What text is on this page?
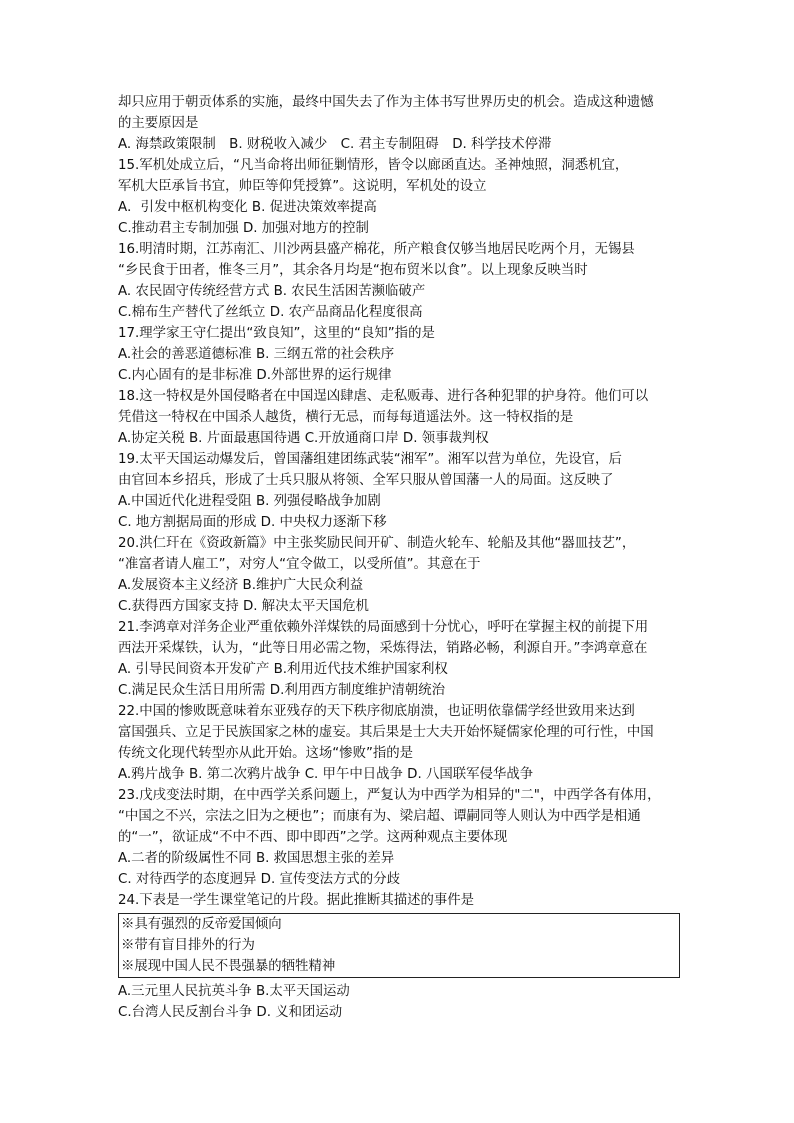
却只应用于朝贡体系的实施，最终中国失去了作为主体书写世界历史的机会。造成这种遗憾
的主要原因是
A. 海禁政策限制　B. 财税收入减少　C. 君主专制阻碍　D. 科学技术停滞
15.军机处成立后，“凡当命将出师征剿情形，皆令以廊函直达。圣神烛照，洞悉机宜，
军机大臣承旨书宜，帅臣等仰凭授算”。这说明，军机处的设立
A．引发中枢机构变化 B. 促进决策效率提高
C.推动君主专制加强 D. 加强对地方的控制
16.明清时期，江苏南汇、川沙两县盛产棉花，所产粮食仅够当地居民吃两个月，无锡县
“乡民食于田者，惟冬三月”，其余各月均是“抱布贸米以食”。以上现象反映当时
A. 农民固守传统经营方式 B. 农民生活困苦濒临破产
C.棉布生产替代了丝纸立 D. 农产品商品化程度很高
17.理学家王守仁提出“致良知”，这里的“良知”指的是
A.社会的善恶道德标准 B. 三纲五常的社会秩序
C.内心固有的是非标准 D.外部世界的运行规律
18.这一特权是外国侵略者在中国逞凶肆虐、走私贩毒、进行各种犯罪的护身符。他们可以
凭借这一特权在中国杀人越货，横行无忌，而每每逍遥法外。这一特权指的是
A.协定关税 B. 片面最惠国待遇 C.开放通商口岸 D. 领事裁判权
19.太平天国运动爆发后，曾国藩组建团练武装“湘军”。湘军以营为单位，先设官，后
由官回本乡招兵，形成了士兵只服从将领、全军只服从曾国藩一人的局面。这反映了
A.中国近代化进程受阻 B. 列强侵略战争加剧
C. 地方割据局面的形成 D. 中央权力逐渐下移
20.洪仁玕在《资政新篇》中主张奖励民间开矿、制造火轮车、轮船及其他“器皿技艺”，
“准富者请人雇工”，对穷人“宜令做工，以受所值”。其意在于
A.发展资本主义经济 B.维护广大民众利益
C.获得西方国家支持 D. 解决太平天国危机
21.李鸿章对洋务企业严重依赖外洋煤铁的局面感到十分忧心，呼吁在掌握主权的前提下用
西法开采煤铁，认为，“此等日用必需之物，采炼得法，销路必畅，利源自开。”李鸿章意在
A. 引导民间资本开发矿产 B.利用近代技术维护国家利权
C.满足民众生活日用所需 D.利用西方制度维护清朝统治
22.中国的惨败既意味着东亚残存的天下秩序彻底崩溃，也证明依靠儒学经世致用来达到
富国强兵、立足于民族国家之林的虚妄。其后果是士大夫开始怀疑儒家伦理的可行性，中国
传统文化现代转型亦从此开始。这场“惨败”指的是
A.鸦片战争 B. 第二次鸦片战争 C. 甲午中日战争 D. 八国联军侵华战争
23.戊戌变法时期，在中西学关系问题上，严复认为中西学为相异的"二"，中西学各有体用，
“中国之不兴，宗法之旧为之梗也”；而康有为、梁启超、谭嗣同等人则认为中西学是相通
的“一”，欲证成“不中不西、即中即西”之学。这两种观点主要体现
A.二者的阶级属性不同 B. 救国思想主张的差异
C. 对待西学的态度迥异 D. 宣传变法方式的分歧
24.下表是一学生课堂笔记的片段。据此推断其描述的事件是
※具有强烈的反帝爱国倾向
※带有盲目排外的行为
※展现中国人民不畏强暴的牺牲精神
A.三元里人民抗英斗争 B.太平天国运动
C.台湾人民反割台斗争 D. 义和团运动
